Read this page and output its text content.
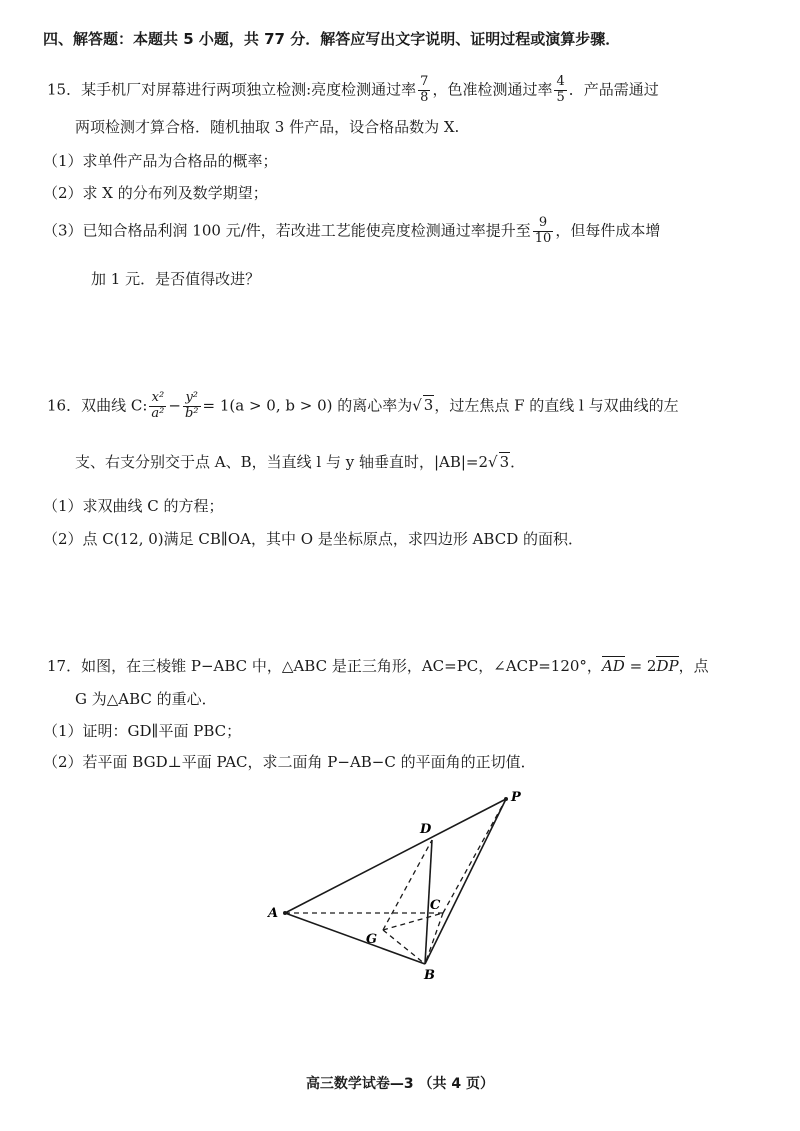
四、解答题：本题共 5 小题，共 77 分．解答应写出文字说明、证明过程或演算步骤．
15．某手机厂对屏幕进行两项独立检测:亮度检测通过率 $\frac{7}{8}$ ，色准检测通过率 $\frac{4}{5}$ ．产品需通过
两项检测才算合格．随机抽取 3 件产品，设合格品数为 X.
（1）求单件产品为合格品的概率；
（2）求 X 的分布列及数学期望；
（3）已知合格品利润 100 元/件，若改进工艺能使亮度检测通过率提升至 $\frac{9}{10}$ ，但每件成本增
加 1 元．是否值得改进？
16．双曲线 C: $\frac{\text{x²}}{\text{a²}} - \frac{\text{y²}}{\text{b²}} = 1(a > 0$, b > 0) 的离心率为√ 3，过左焦点 F 的直线 l 与双曲线的左
支、右支分别交于点 A、B，当直线 l 与 y 轴垂直时，|AB|=2√ 3．
（1）求双曲线 C 的方程；
（2）点 C(12, 0)满足 CB∥OA，其中 O 是坐标原点，求四边形 ABCD 的面积．
17．如图，在三棱锥 P−ABC 中，△ABC 是正三角形，AC=PC，∠ACP=120°，AD = 2DP，点
G 为△ABC 的重心．
（1）证明：GD∥平面 PBC；
（2）若平面 BGD⊥平面 PAC，求二面角 P−AB−C 的平面角的正切值．
A
B
C
D
G
P
高三数学试卷—3 （共 4 页）
